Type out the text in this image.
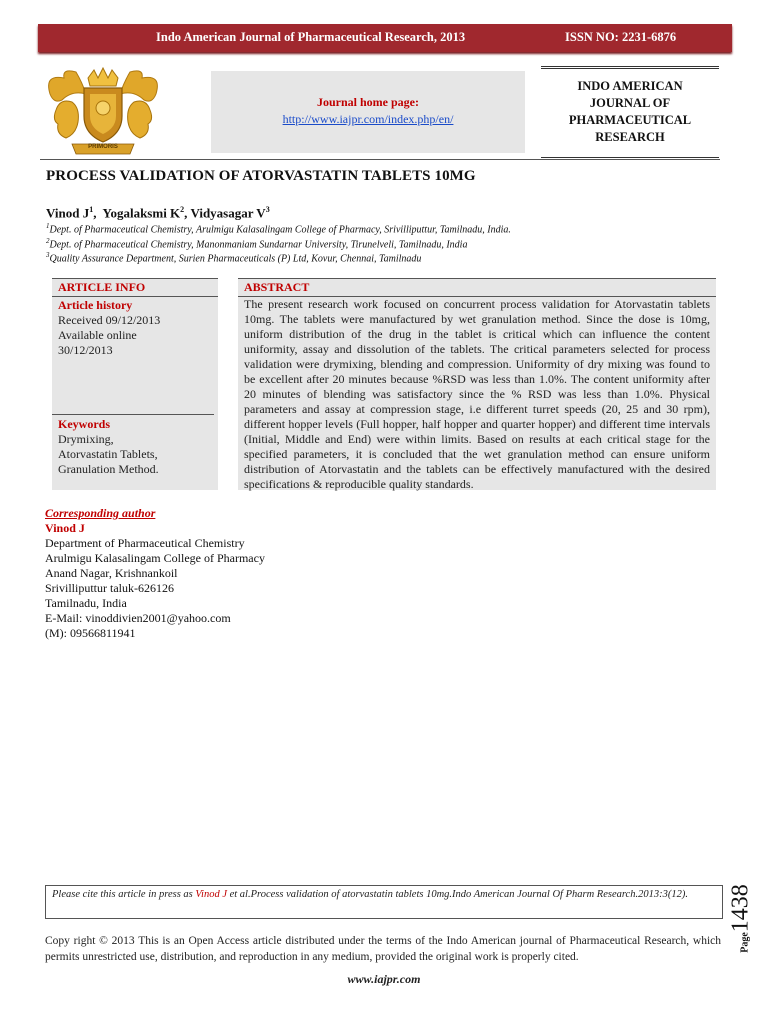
Indo American Journal of Pharmaceutical Research, 2013	ISSN NO: 2231-6876
PRIMORIS
Journal home page:
http://www.iajpr.com/index.php/en/
INDO AMERICAN
JOURNAL OF
PHARMACEUTICAL
RESEARCH
PROCESS VALIDATION OF ATORVASTATIN TABLETS 10MG
Vinod $J^1$,  Yogalaksmi $K^2$, Vidyasagar $V^3$
$^1$Dept. of Pharmaceutical Chemistry, Arulmigu Kalasalingam College of Pharmacy, Srivilliputtur, Tamilnadu, India.
$^2$Dept. of Pharmaceutical Chemistry, Manonmaniam Sundarnar University, Tirunelveli, Tamilnadu, India
$^3$Quality Assurance Department, Surien Pharmaceuticals (P) Ltd, Kovur, Chennai, Tamilnadu
ARTICLE INFO
Article history
Received 09/12/2013
Available online
30/12/2013
Keywords
Drymixing,
Atorvastatin Tablets,
Granulation Method.
ABSTRACT
The present research work focused on concurrent process validation for Atorvastatin tablets 10mg. The tablets were manufactured by wet granulation method. Since the dose is 10mg, uniform distribution of the drug in the tablet is critical which can influence the content uniformity, assay and dissolution of the tablets. The critical parameters selected for process validation were drymixing, blending and compression. Uniformity of dry mixing was found to be excellent after 20 minutes because %RSD was less than 1.0%. The content uniformity after 20 minutes of blending was satisfactory since the % RSD was less than 1.0%. Physical parameters and assay at compression stage, i.e different turret speeds (20, 25 and 30 rpm), different hopper levels (Full hopper, half hopper and quarter hopper) and different time intervals (Initial, Middle and End) were within limits. Based on results at each critical stage for the specified parameters, it is concluded that the wet granulation method can ensure uniform distribution of Atorvastatin and the tablets can be effectively manufactured with the desired specifications & reproducible quality standards.
Corresponding author
Vinod J
Department of Pharmaceutical Chemistry
Arulmigu Kalasalingam College of Pharmacy
Anand Nagar, Krishnankoil
Srivilliputtur taluk-626126
Tamilnadu, India
E-Mail: vinoddivien2001@yahoo.com
(M): 09566811941
Please cite this article in press as Vinod J et al.Process validation of atorvastatin tablets 10mg.Indo American Journal Of Pharm Research.2013:3(12).
Copy right © 2013 This is an Open Access article distributed under the terms of the Indo American journal of Pharmaceutical Research, which permits unrestricted use, distribution, and reproduction in any medium, provided the original work is properly cited.
www.iajpr.com
Page1438
